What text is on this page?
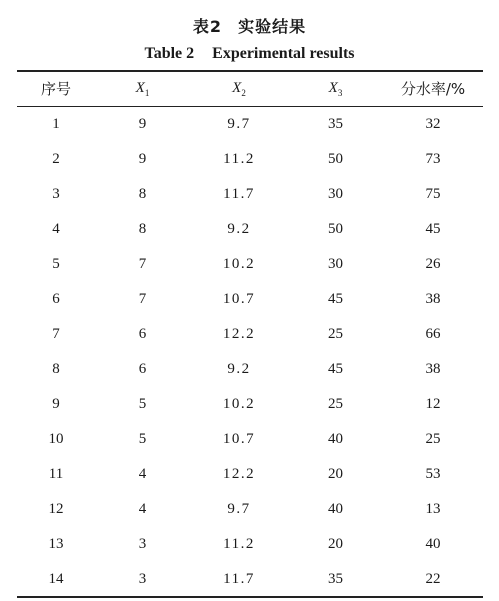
表2 实验结果
Table 2 Experimental results
序号	$X_1$	$X_2$	$X_3$	分水率/%
1	9	9.7	35	32
2	9	11.2	50	73
3	8	11.7	30	75
4	8	9.2	50	45
5	7	10.2	30	26
6	7	10.7	45	38
7	6	12.2	25	66
8	6	9.2	45	38
9	5	10.2	25	12
10	5	10.7	40	25
11	4	12.2	20	53
12	4	9.7	40	13
13	3	11.2	20	40
14	3	11.7	35	22
